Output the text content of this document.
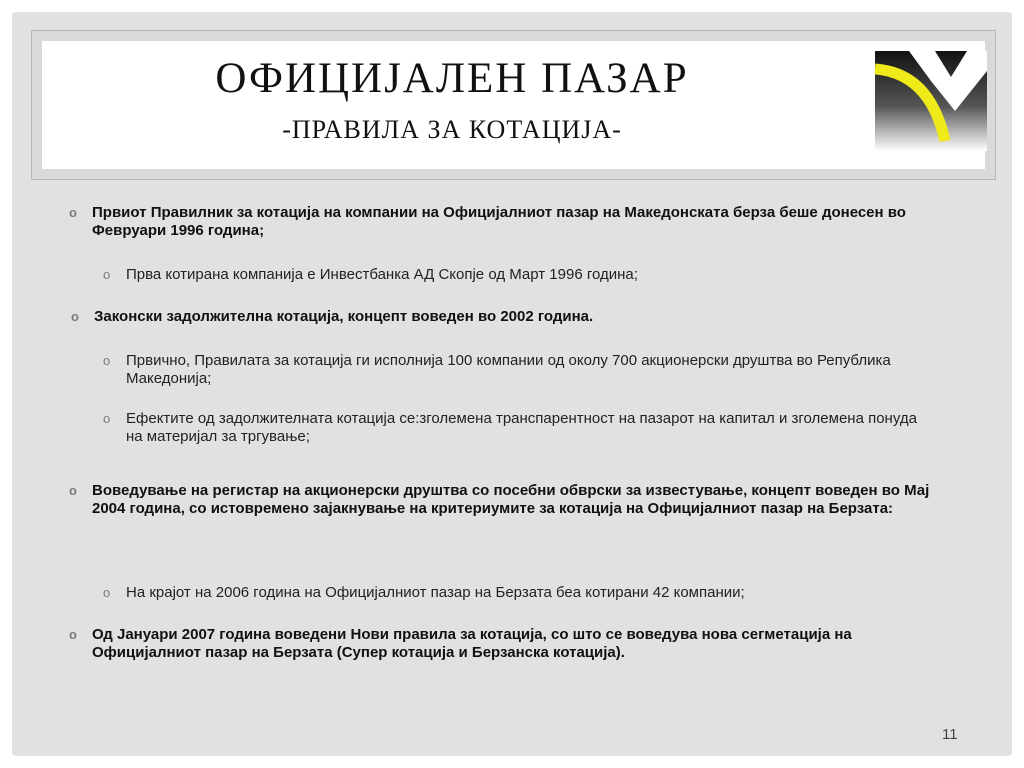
ОФИЦИЈАЛЕН ПАЗАР
-ПРАВИЛА ЗА КОТАЦИЈА-
o Првиот Правилник за котација на компании на Официјалниот пазар на Македонската берза беше донесен во Февруари 1996 година;
o Прва котирана компанија е Инвестбанка АД Скопје од Март 1996 година;
o Законски задолжителна котација, концепт воведен во 2002 година.
o Првично, Правилата за котација ги исполнија 100 компании од околу 700 акционерски друштва во Република Македонија;
o Ефектите од задолжителната котација се:зголемена транспарентност на пазарот на капитал и зголемена понуда на материјал за тргување;
o Воведување на регистар на акционерски друштва со посебни обврски за известување, концепт воведен во Мај 2004 година, со истовремено зајакнување на критериумите за котација на Официјалниот пазар на Берзата:
o На крајот на 2006 година на Официјалниот пазар на Берзата беа котирани 42 компании;
o Од Јануари 2007 година воведени Нови правила за котација, со што се воведува нова сегметација на Официјалниот пазар на Берзата (Супер котација и Берзанска котација).
11
